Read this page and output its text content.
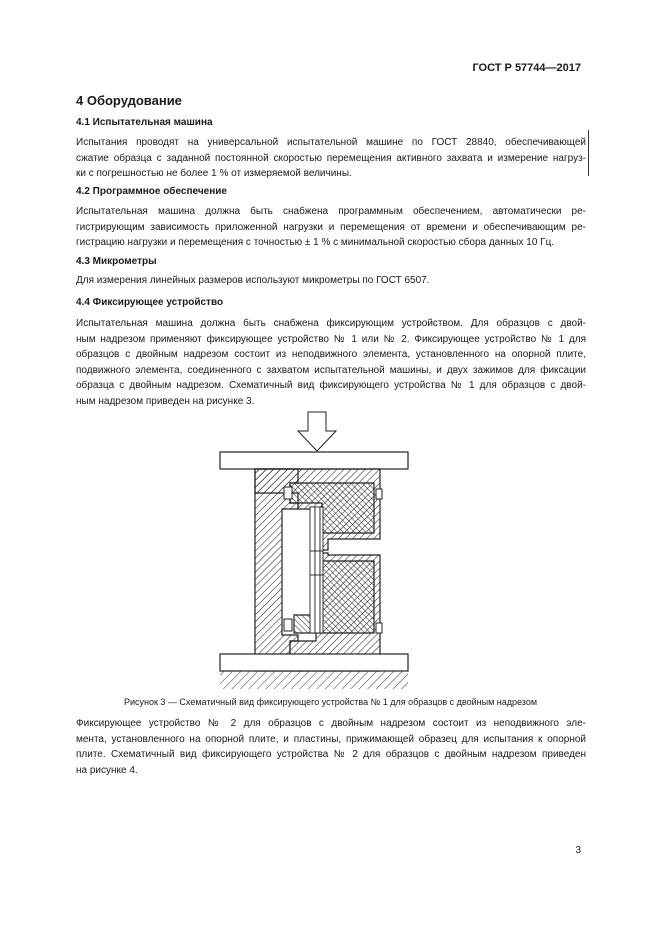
ГОСТ Р 57744—2017
4 Оборудование
4.1 Испытательная машина
Испытания проводят на универсальной испытательной машине по ГОСТ 28840, обеспечивающей
сжатие образца с заданной постоянной скоростью перемещения активного захвата и измерение нагруз-
ки с погрешностью не более 1 % от измеряемой величины.
4.2 Программное обеспечение
Испытательная машина должна быть снабжена программным обеспечением, автоматически ре-
гистрирующим зависимость приложенной нагрузки и перемещения от времени и обеспечивающим ре-
гистрацию нагрузки и перемещения с точностью ± 1 % с минимальной скоростью сбора данных 10 Гц.
4.3 Микрометры
Для измерения линейных размеров используют микрометры по ГОСТ 6507.
4.4 Фиксирующее устройство
Испытательная машина должна быть снабжена фиксирующим устройством. Для образцов с двой-
ным надрезом применяют фиксирующее устройство № 1 или № 2. Фиксирующее устройство № 1 для
образцов с двойным надрезом состоит из неподвижного элемента, установленного на опорной плите,
подвижного элемента, соединенного с захватом испытательной машины, и двух зажимов для фиксации
образца с двойным надрезом. Схематичный вид фиксирующего устройства № 1 для образцов с двой-
ным надрезом приведен на рисунке 3.
Рисунок 3 — Схематичный вид фиксирующего устройства № 1 для образцов с двойным надрезом
Фиксирующее устройство № 2 для образцов с двойным надрезом состоит из неподвижного эле-
мента, установленного на опорной плите, и пластины, прижимающей образец для испытания к опорной
плите. Схематичный вид фиксирующего устройства № 2 для образцов с двойным надрезом приведен
на рисунке 4.
3
